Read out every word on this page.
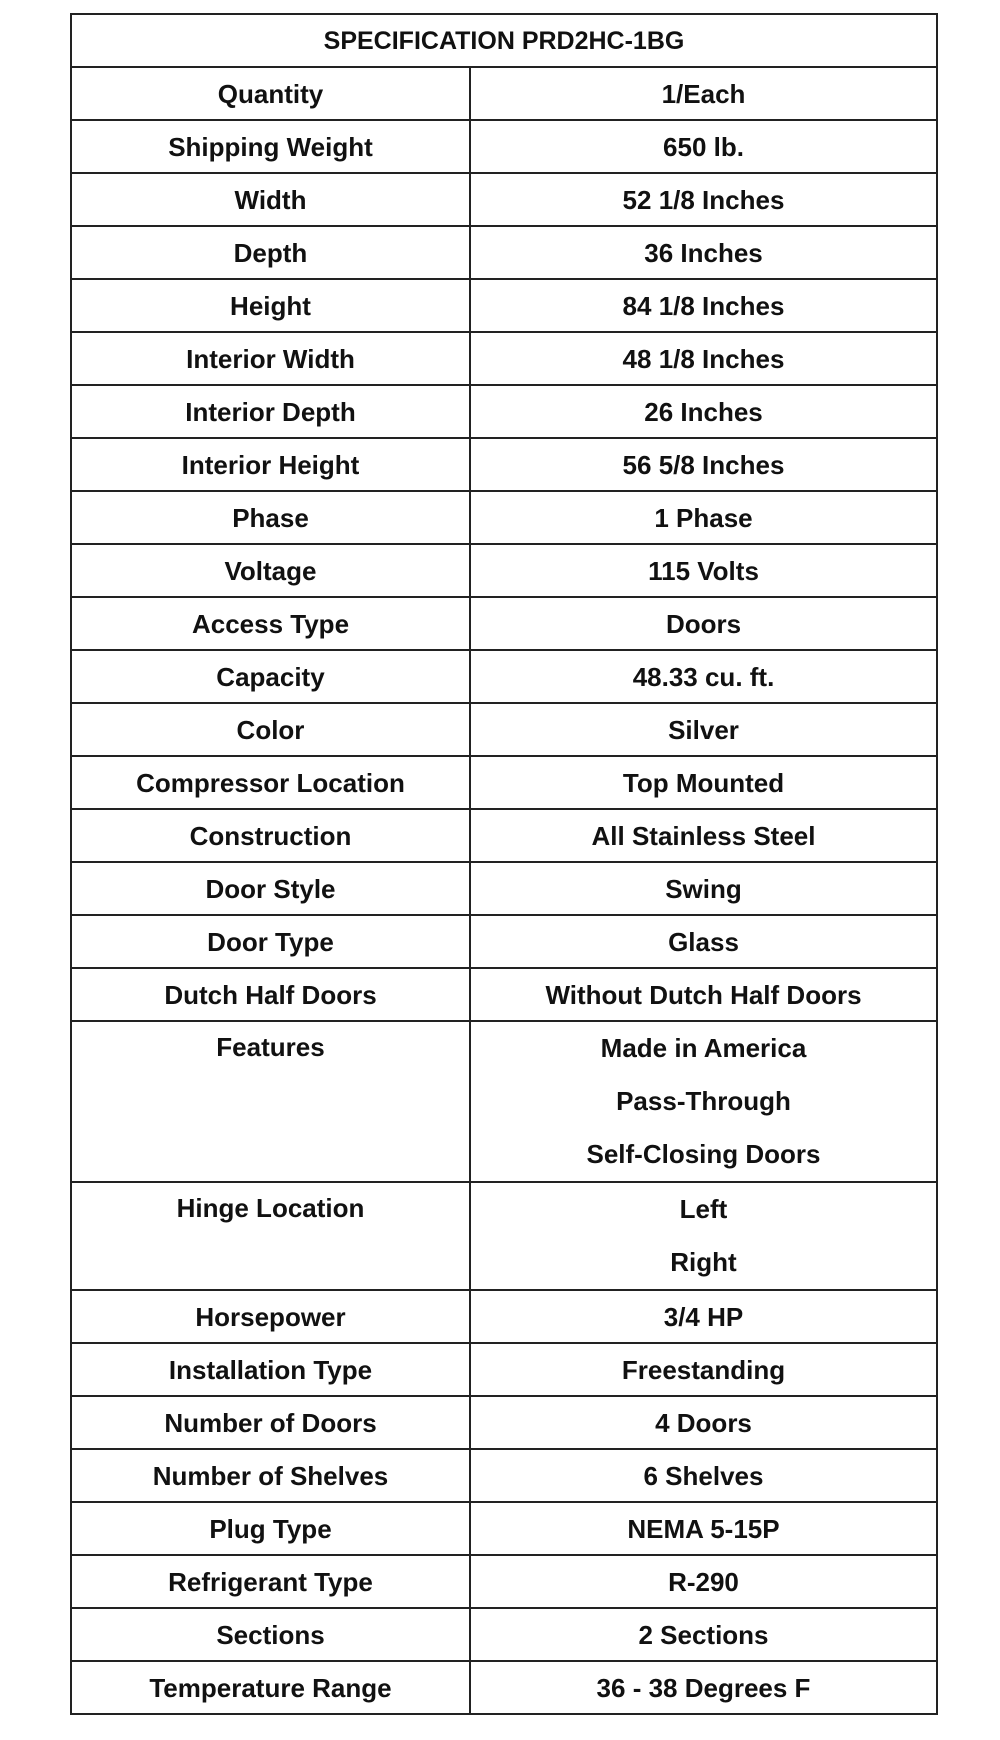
SPECIFICATION PRD2HC-1BG	
Quantity	1/Each
Shipping Weight	650 lb.
Width	52 1/8 Inches
Depth	36 Inches
Height	84 1/8 Inches
Interior Width	48 1/8 Inches
Interior Depth	26 Inches
Interior Height	56 5/8 Inches
Phase	1 Phase
Voltage	115 Volts
Access Type	Doors
Capacity	48.33 cu. ft.
Color	Silver
Compressor Location	Top Mounted
Construction	All Stainless Steel
Door Style	Swing
Door Type	Glass
Dutch Half Doors	Without Dutch Half Doors
Features	Made in America
Pass-Through
Self-Closing Doors

Hinge Location	Left
Right

Horsepower	3/4 HP
Installation Type	Freestanding
Number of Doors	4 Doors
Number of Shelves	6 Shelves
Plug Type	NEMA 5-15P
Refrigerant Type	R-290
Sections	2 Sections
Temperature Range	36 - 38 Degrees F
